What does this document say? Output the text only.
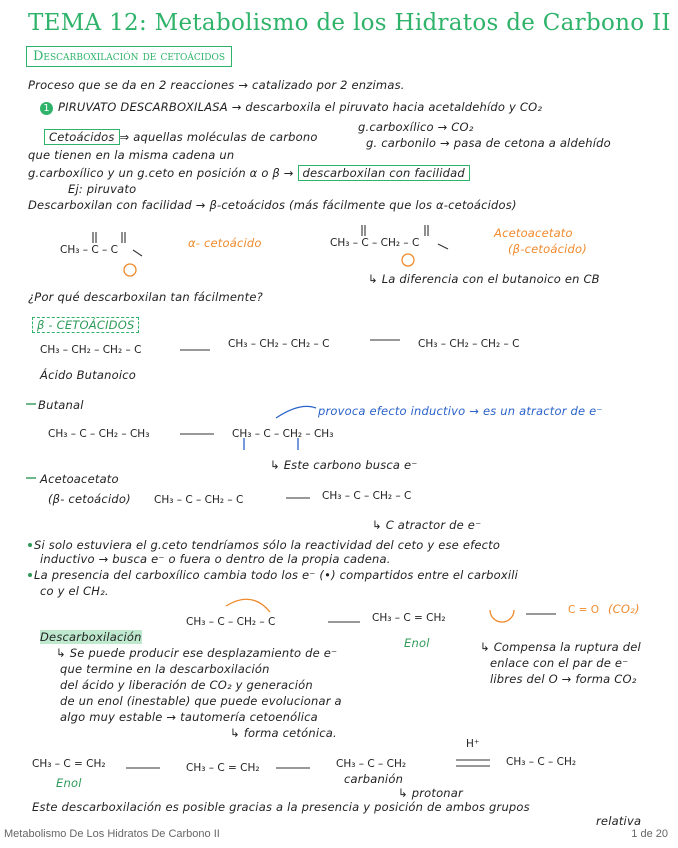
TEMA 12: Metabolismo de los Hidratos de Carbono II
Descarboxilación de cetoácidos
Proceso que se da en 2 reacciones → catalizado por 2 enzimas.
1 PIRUVATO DESCARBOXILASA → descarboxila el piruvato hacia acetaldehído y CO₂
g.carboxílico → CO₂
g. carbonilo → pasa de cetona a aldehído
Cetoácidos ⇒ aquellas moléculas de carbono
que tienen en la misma cadena un
g.carboxílico y un g.ceto en posición α o β → descarboxilan con facilidad
Ej: piruvato
Descarboxilan con facilidad → β-cetoácidos (más fácilmente que los α-cetoácidos)
CH₃ – C – C	α- cetoácido	CH₃ – C – CH₂ – C
Acetoacetato
(β-cetoácido)
↳ La diferencia con el butanoico en CB
¿Por qué descarboxilan tan fácilmente?
β - CETOÁCIDOS
CH₃ – CH₂ – CH₂ – C	CH₃ – CH₂ – CH₂ – C	CH₃ – CH₂ – CH₂ – C
Ácido Butanoico
Butanal
CH₃ – C – CH₂ – CH₃	CH₃ – C – CH₂ – CH₃
provoca efecto inductivo → es un atractor de e⁻
↳ Este carbono busca e⁻
Acetoacetato
(β- cetoácido) CH₃ – C – CH₂ – C	CH₃ – C – CH₂ – C
↳ C atractor de e⁻
Si solo estuviera el g.ceto tendríamos sólo la reactividad del ceto y ese efecto
inductivo → busca e⁻ o fuera o dentro de la propia cadena.
La presencia del carboxílico cambia todo los e⁻ (•) compartidos entre el carboxili
co y el CH₂.
CH₃ – C – CH₂ – C	CH₃ – C = CH₂
Enol
C = O (CO₂)
↳ Compensa la ruptura del
enlace con el par de e⁻
libres del O → forma CO₂
Descarboxilación
↳ Se puede producir ese desplazamiento de e⁻
que termine en la descarboxilación
del ácido y liberación de CO₂ y generación
de un enol (inestable) que puede evolucionar a
algo muy estable → tautomería cetoenólica
↳ forma cetónica.
CH₃ – C = CH₂
Enol
CH₃ – C = CH₂	CH₃ – C – CH₂
carbanión
H⁺
CH₃ – C – CH₂
↳ protonar
Este descarboxilación es posible gracias a la presencia y posición de ambos grupos
relativa
Metabolismo De Los Hidratos De Carbono II	1 de 20
